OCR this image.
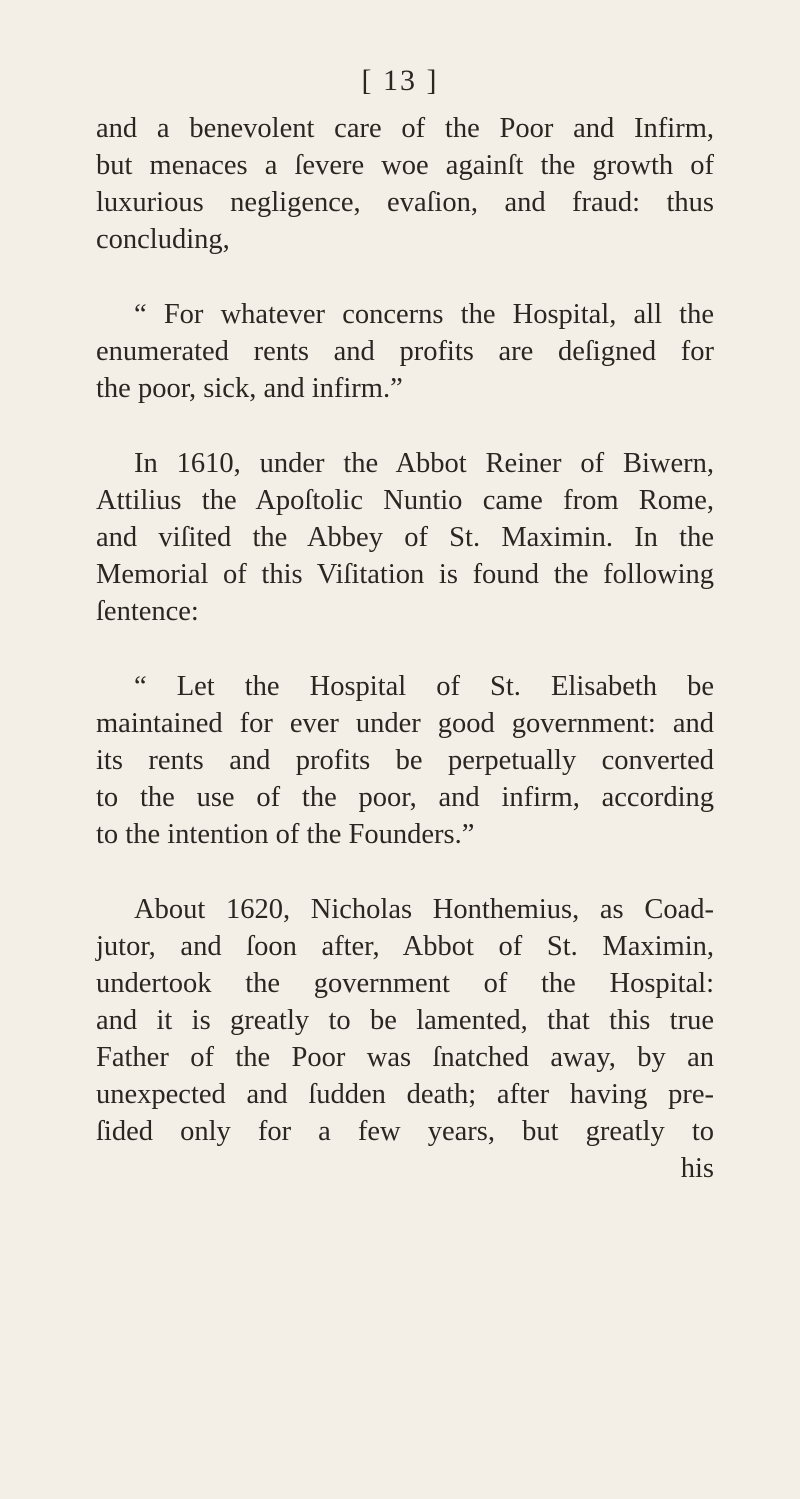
[ 13 ]
and a benevolent care of the Poor and Infirm,
but menaces a ſevere woe againſt the growth of
luxurious negligence, evaſion, and fraud: thus
concluding,
“ For whatever concerns the Hospital, all the
enumerated rents and profits are deſigned for
the poor, sick, and infirm.”
In 1610, under the Abbot Reiner of Biwern,
Attilius the Apoſtolic Nuntio came from Rome,
and viſited the Abbey of St. Maximin. In the
Memorial of this Viſitation is found the following
ſentence:
“ Let the Hospital of St. Elisabeth be
maintained for ever under good government: and
its rents and profits be perpetually converted
to the use of the poor, and infirm, according
to the intention of the Founders.”
About 1620, Nicholas Honthemius, as Coad-
jutor, and ſoon after, Abbot of St. Maximin,
undertook the government of the Hospital:
and it is greatly to be lamented, that this true
Father of the Poor was ſnatched away, by an
unexpected and ſudden death; after having pre-
ſided only for a few years, but greatly to
his
